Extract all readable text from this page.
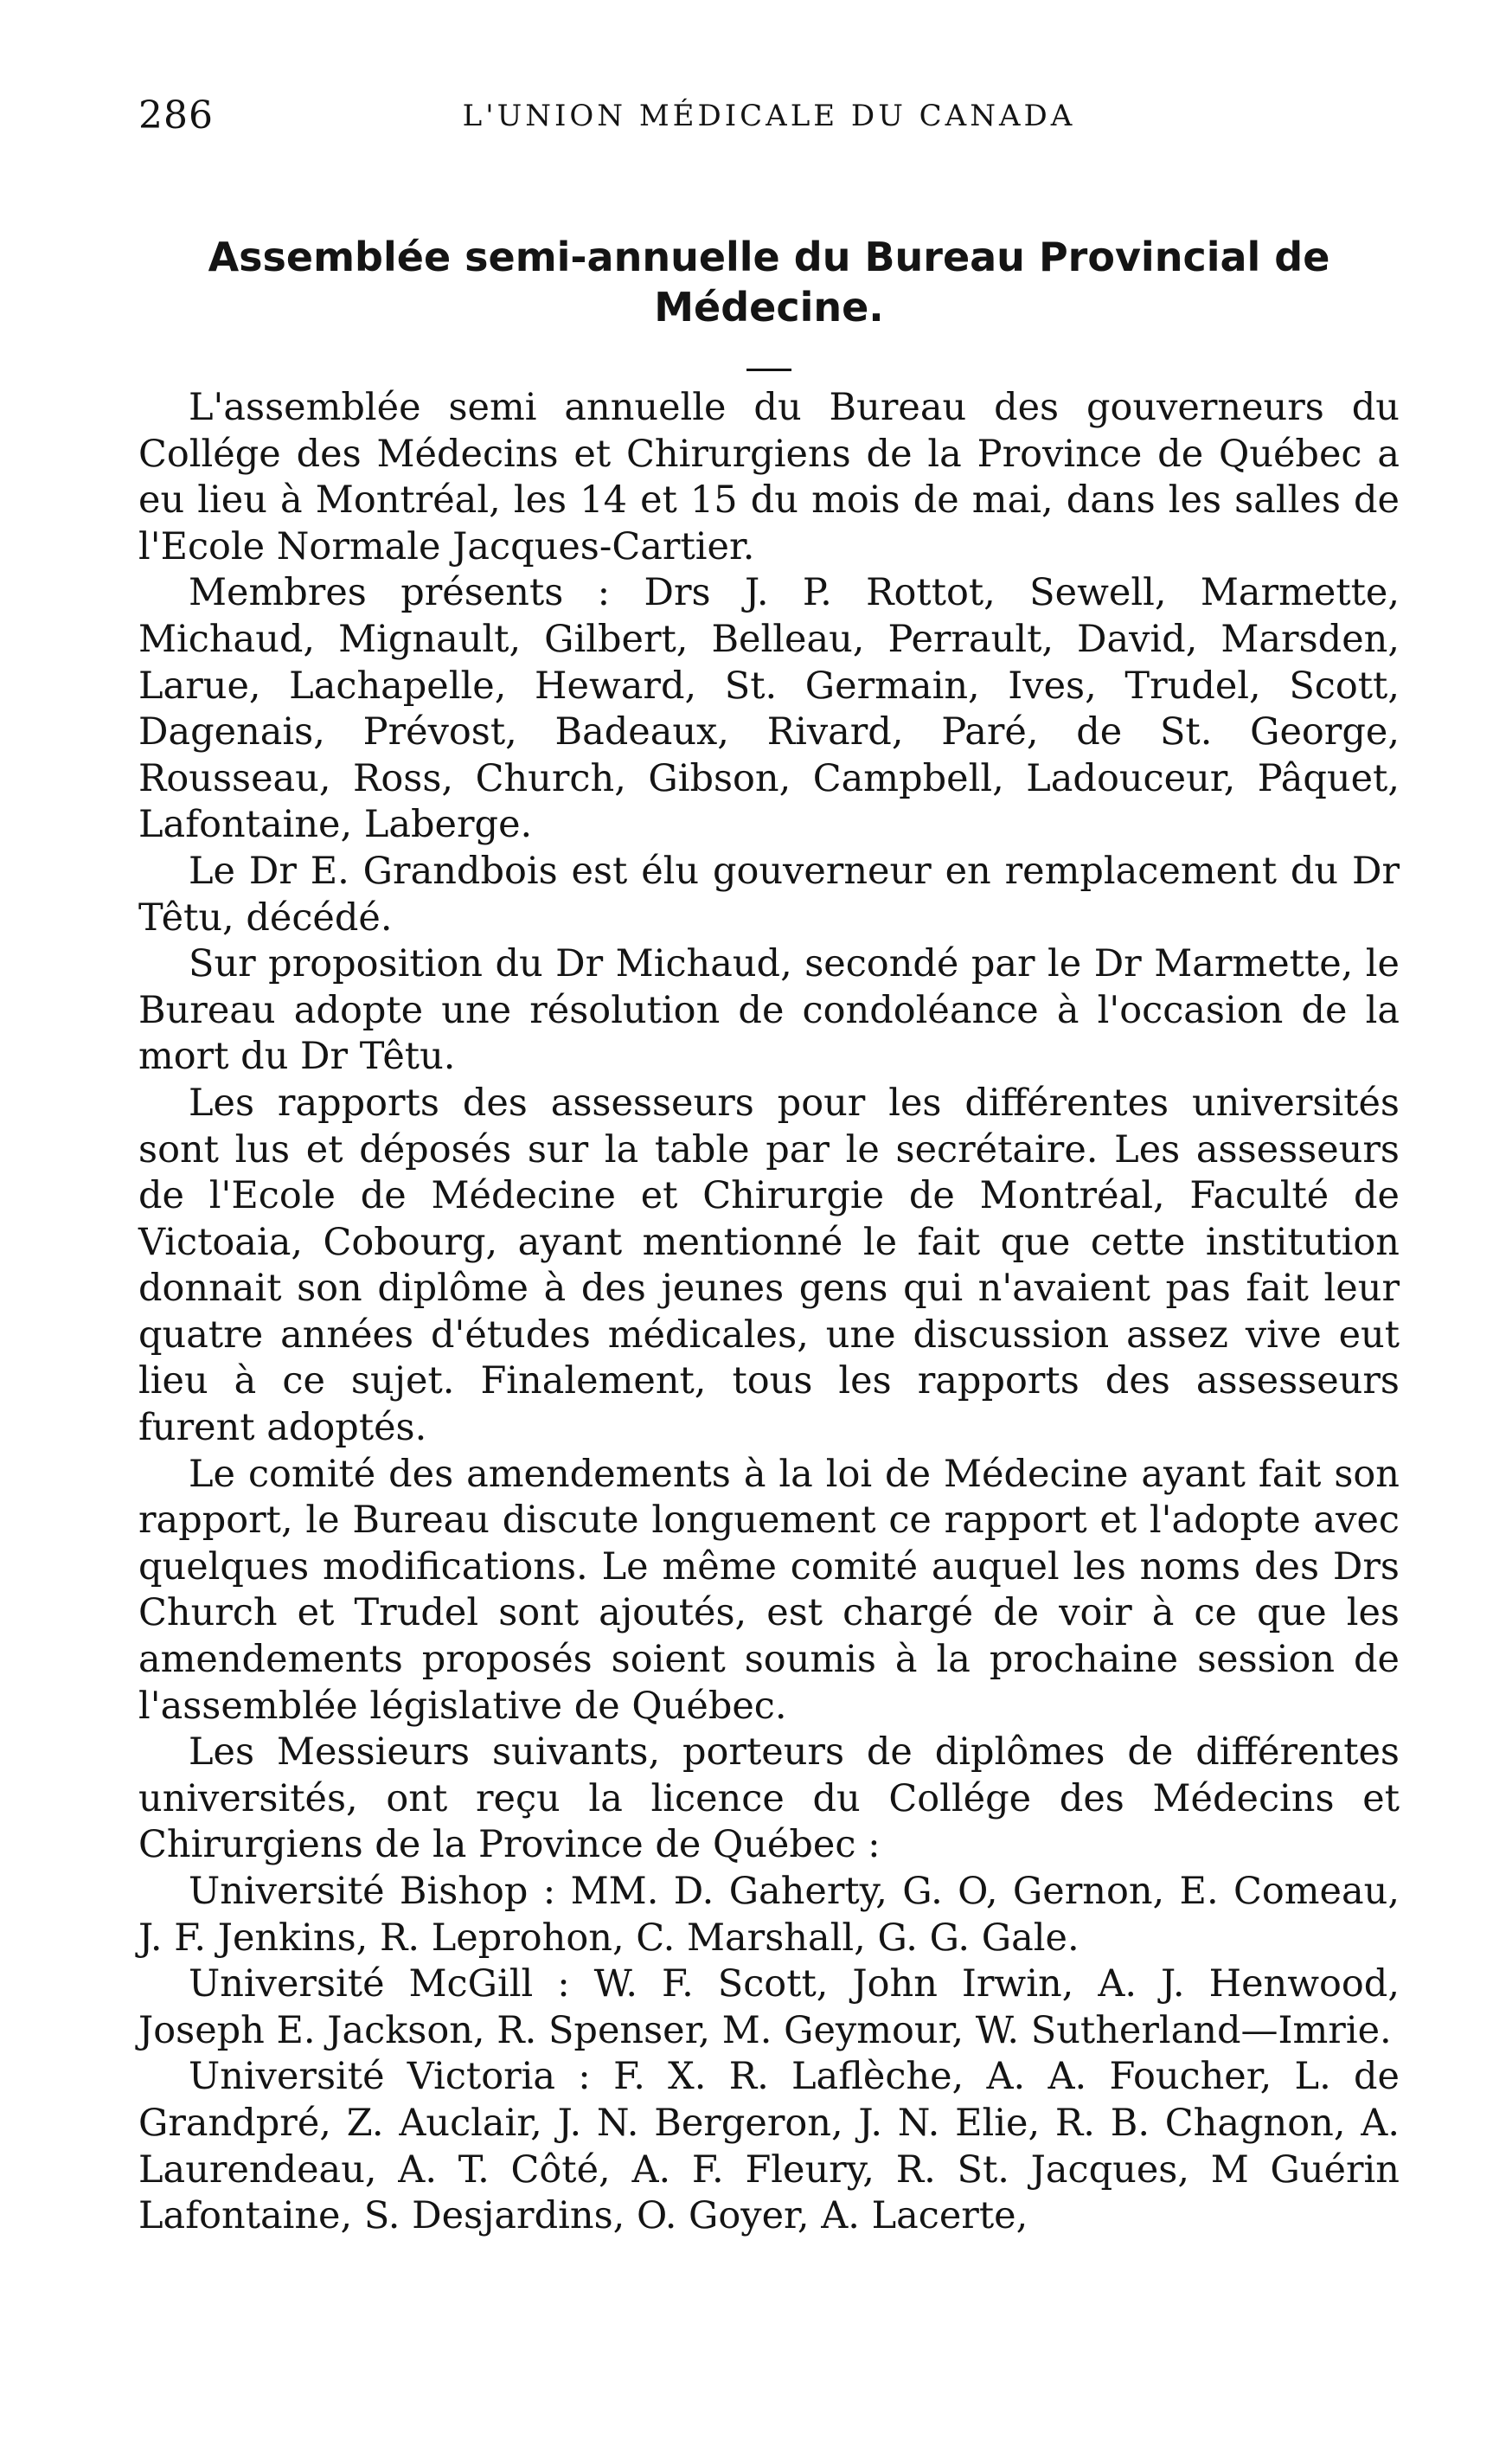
286	L'UNION MÉDICALE DU CANADA
Assemblée semi-annuelle du Bureau Provincial de Médecine.

L'assemblée semi annuelle du Bureau des gouverneurs du Collége des Médecins et Chirurgiens de la Province de Québec a eu lieu à Montréal, les 14 et 15 du mois de mai, dans les salles de l'Ecole Normale Jacques-Cartier.

Membres présents : Drs J. P. Rottot, Sewell, Marmette, Michaud, Mignault, Gilbert, Belleau, Perrault, David, Marsden, Larue, Lachapelle, Heward, St. Germain, Ives, Trudel, Scott, Dagenais, Prévost, Badeaux, Rivard, Paré, de St. George, Rousseau, Ross, Church, Gibson, Campbell, Ladouceur, Pâquet, Lafontaine, Laberge.

Le Dr E. Grandbois est élu gouverneur en remplacement du Dr Têtu, décédé.

Sur proposition du Dr Michaud, secondé par le Dr Marmette, le Bureau adopte une résolution de condoléance à l'occasion de la mort du Dr Têtu.

Les rapports des assesseurs pour les différentes universités sont lus et déposés sur la table par le secrétaire. Les assesseurs de l'Ecole de Médecine et Chirurgie de Montréal, Faculté de Victoaia, Cobourg, ayant mentionné le fait que cette institution donnait son diplôme à des jeunes gens qui n'avaient pas fait leur quatre années d'études médicales, une discussion assez vive eut lieu à ce sujet. Finalement, tous les rapports des assesseurs furent adoptés.

Le comité des amendements à la loi de Médecine ayant fait son rapport, le Bureau discute longuement ce rapport et l'adopte avec quelques modifications. Le même comité auquel les noms des Drs Church et Trudel sont ajoutés, est chargé de voir à ce que les amendements proposés soient soumis à la prochaine session de l'assemblée législative de Québec.

Les Messieurs suivants, porteurs de diplômes de différentes universités, ont reçu la licence du Collége des Médecins et Chirurgiens de la Province de Québec :

Université Bishop : MM. D. Gaherty, G. O, Gernon, E. Comeau, J. F. Jenkins, R. Leprohon, C. Marshall, G. G. Gale.

Université McGill : W. F. Scott, John Irwin, A. J. Henwood, Joseph E. Jackson, R. Spenser, M. Geymour, W. Sutherland—Imrie.

Université Victoria : F. X. R. Laflèche, A. A. Foucher, L. de Grandpré, Z. Auclair, J. N. Bergeron, J. N. Elie, R. B. Chagnon, A. Laurendeau, A. T. Côté, A. F. Fleury, R. St. Jacques, M Guérin Lafontaine, S. Desjardins, O. Goyer, A. Lacerte,
